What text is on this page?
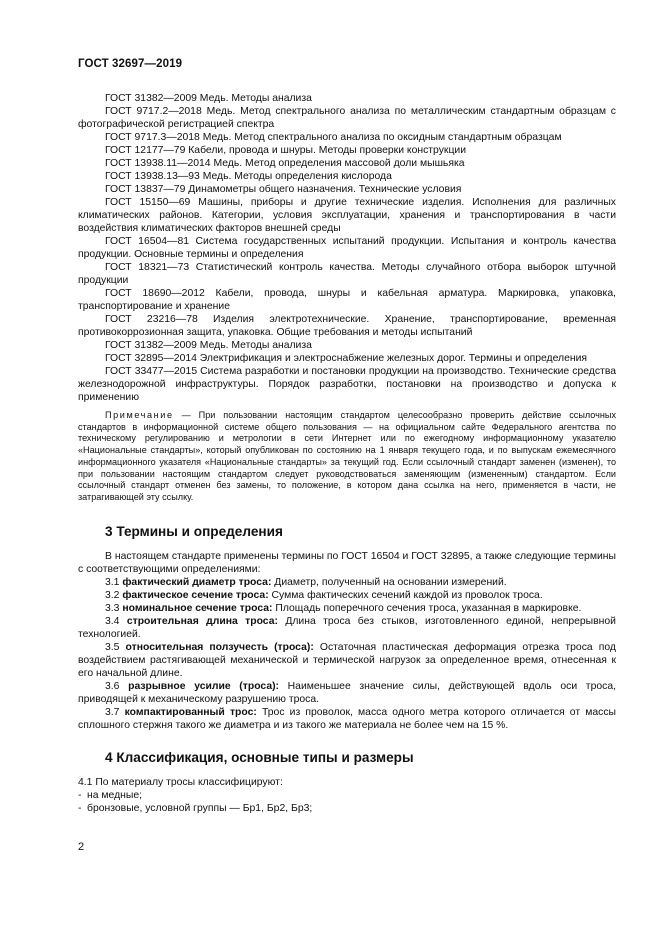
ГОСТ 32697—2019

ГОСТ 31382—2009 Медь. Методы анализа

ГОСТ 9717.2—2018 Медь. Метод спектрального анализа по металлическим стандартным образцам с фотографической регистрацией спектра

ГОСТ 9717.3—2018 Медь. Метод спектрального анализа по оксидным стандартным образцам

ГОСТ 12177—79 Кабели, провода и шнуры. Методы проверки конструкции

ГОСТ 13938.11—2014 Медь. Метод определения массовой доли мышьяка

ГОСТ 13938.13—93 Медь. Методы определения кислорода

ГОСТ 13837—79 Динамометры общего назначения. Технические условия

ГОСТ 15150—69 Машины, приборы и другие технические изделия. Исполнения для различных климатических районов. Категории, условия эксплуатации, хранения и транспортирования в части воздействия климатических факторов внешней среды

ГОСТ 16504—81 Система государственных испытаний продукции. Испытания и контроль качества продукции. Основные термины и определения

ГОСТ 18321—73 Статистический контроль качества. Методы случайного отбора выборок штучной продукции

ГОСТ 18690—2012 Кабели, провода, шнуры и кабельная арматура. Маркировка, упаковка, транспортирование и хранение

ГОСТ 23216—78 Изделия электротехнические. Хранение, транспортирование, временная противокоррозионная защита, упаковка. Общие требования и методы испытаний

ГОСТ 31382—2009 Медь. Методы анализа

ГОСТ 32895—2014 Электрификация и электроснабжение железных дорог. Термины и определения

ГОСТ 33477—2015 Система разработки и постановки продукции на производство. Технические средства железнодорожной инфраструктуры. Порядок разработки, постановки на производство и допуска к применению

Примечание — При пользовании настоящим стандартом целесообразно проверить действие ссылочных стандартов в информационной системе общего пользования — на официальном сайте Федерального агентства по техническому регулированию и метрологии в сети Интернет или по ежегодному информационному указателю «Национальные стандарты», который опубликован по состоянию на 1 января текущего года, и по выпускам ежемесячного информационного указателя «Национальные стандарты» за текущий год. Если ссылочный стандарт заменен (изменен), то при пользовании настоящим стандартом следует руководствоваться заменяющим (измененным) стандартом. Если ссылочный стандарт отменен без замены, то положение, в котором дана ссылка на него, применяется в части, не затрагивающей эту ссылку.

3 Термины и определения

В настоящем стандарте применены термины по ГОСТ 16504 и ГОСТ 32895, а также следующие термины с соответствующими определениями:

3.1 фактический диаметр троса: Диаметр, полученный на основании измерений.

3.2 фактическое сечение троса: Сумма фактических сечений каждой из проволок троса.

3.3 номинальное сечение троса: Площадь поперечного сечения троса, указанная в маркировке.

3.4 строительная длина троса: Длина троса без стыков, изготовленного единой, непрерывной технологией.

3.5 относительная ползучесть (троса): Остаточная пластическая деформация отрезка троса под воздействием растягивающей механической и термической нагрузок за определенное время, отнесенная к его начальной длине.

3.6 разрывное усилие (троса): Наименьшее значение силы, действующей вдоль оси троса, приводящей к механическому разрушению троса.

3.7 компактированный трос: Трос из проволок, масса одного метра которого отличается от массы сплошного стержня такого же диаметра и из такого же материала не более чем на 15 %.

4 Классификация, основные типы и размеры

4.1 По материалу тросы классифицируют:

- на медные;

- бронзовые, условной группы — Бр1, Бр2, Бр3;

2
